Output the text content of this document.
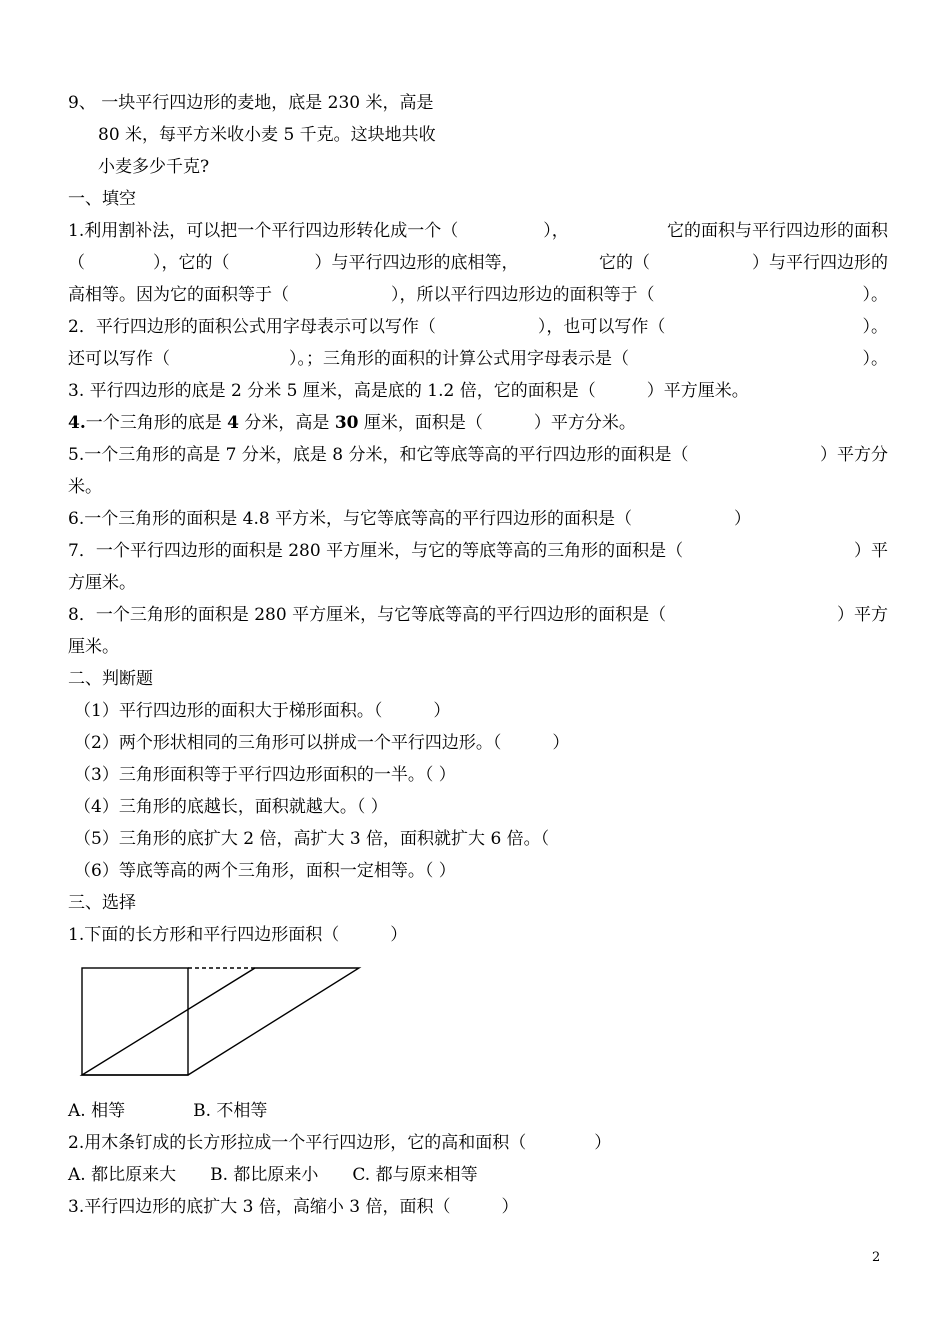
9、 一块平行四边形的麦地，底是 230 米，高是
80 米，每平方米收小麦 5 千克。这块地共收
小麦多少千克?
一、填空
1.利用割补法，可以把一个平行四边形转化成一个（　　　　　），	它的面积与平行四边形的面积
（　　　　），它的（　　　　　）与平行四边形的底相等，	它的（　　　　　　）与平行四边形的
高相等。因为它的面积等于（　　　　　　），所以平行四边形边的面积等于（	）。
2．平行四边形的面积公式用字母表示可以写作（　　　　　　），也可以写作（	）。
还可以写作（　　　　　　　）。；三角形的面积的计算公式用字母表示是（	）。
3. 平行四边形的底是 2 分米 5 厘米，高是底的 1.2 倍，它的面积是（　　　）平方厘米。
4.一个三角形的底是 4 分米，高是 30 厘米，面积是（　　　）平方分米。
5.一个三角形的高是 7 分米，底是 8 分米，和它等底等高的平行四边形的面积是（	）平方分
米。
6.一个三角形的面积是 4.8 平方米，与它等底等高的平行四边形的面积是（　　　　　　）
7．一个平行四边形的面积是 280 平方厘米，与它的等底等高的三角形的面积是（	）平
方厘米。
8．一个三角形的面积是 280 平方厘米，与它等底等高的平行四边形的面积是（	）平方
厘米。
二、判断题
（1）平行四边形的面积大于梯形面积。（　　　）
（2）两个形状相同的三角形可以拼成一个平行四边形。（　　　）
（3）三角形面积等于平行四边形面积的一半。（ ）
（4）三角形的底越长，面积就越大。（ ）
（5）三角形的底扩大 2 倍，高扩大 3 倍，面积就扩大 6 倍。（
（6）等底等高的两个三角形，面积一定相等。（ ）
三、选择
1.下面的长方形和平行四边形面积（　　　）
A. 相等　　　　B. 不相等
2.用木条钉成的长方形拉成一个平行四边形，它的高和面积（　　　　）
A. 都比原来大　　B. 都比原来小　　C. 都与原来相等
3.平行四边形的底扩大 3 倍，高缩小 3 倍，面积（　　　）
2
